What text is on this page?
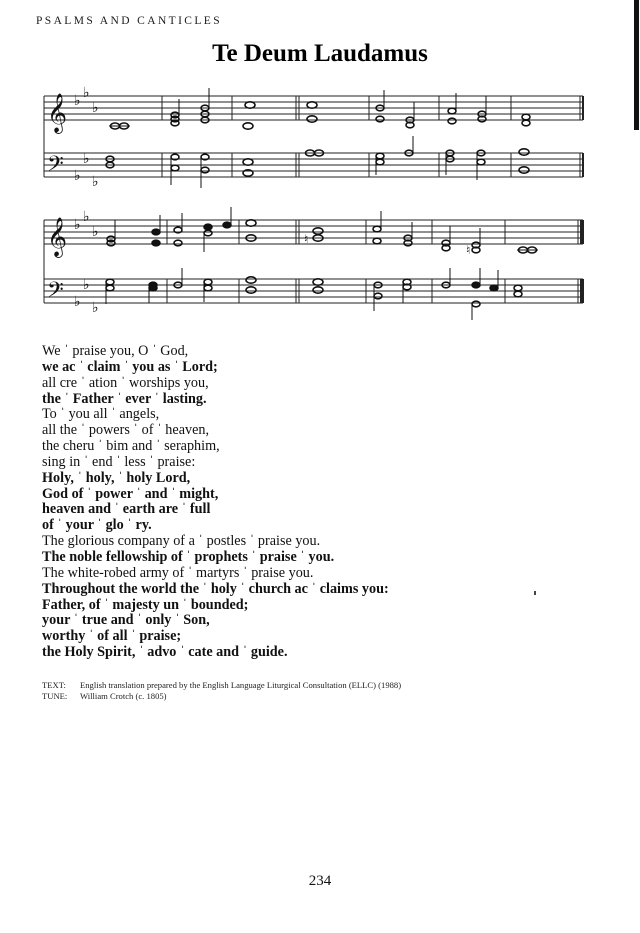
PSALMS AND CANTICLES
Te Deum Laudamus
𝄞
𝄢
𝄞
𝄢
♭ ♭
♭
♭
♭
♭
♭ ♭
♭
♭
♭
♭
♮
♮
We ˈ praise you, O ˈ God,
we ac ˈ claim ˈ you as ˈ Lord;
all cre ˈ ation ˈ worships you,
the ˈ Father ˈ ever ˈ lasting.
To ˈ you all ˈ angels,
all the ˈ powers ˈ of ˈ heaven,
the cheru ˈ bim and ˈ seraphim,
sing in ˈ end ˈ less ˈ praise:
Holy, ˈ holy, ˈ holy Lord,
God of ˈ power ˈ and ˈ might,
heaven and ˈ earth are ˈ full
of ˈ your ˈ glo ˈ ry.
The glorious company of a ˈ postles ˈ praise you.
The noble fellowship of ˈ prophets ˈ praise ˈ you.
The white-robed army of ˈ martyrs ˈ praise you.
Throughout the world the ˈ holy ˈ church ac ˈ claims you:
Father, of ˈ majesty un ˈ bounded;
your ˈ true and ˈ only ˈ Son,
worthy ˈ of all ˈ praise;
the Holy Spirit, ˈ advo ˈ cate and ˈ guide.
TEXT: English translation prepared by the English Language Liturgical Consultation (ELLC) (1988)
TUNE: William Crotch (c. 1805)
234
